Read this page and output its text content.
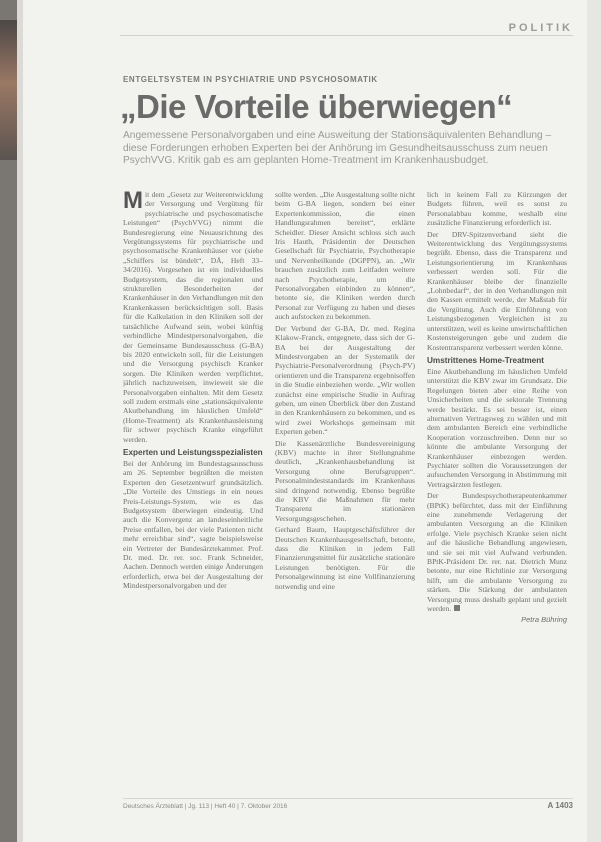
POLITIK
ENTGELTSYSTEM IN PSYCHIATRIE UND PSYCHOSOMATIK
„Die Vorteile überwiegen“

Angemessene Personalvorgaben und eine Ausweitung der Stationsäquivalenten Behandlung – diese Forderungen erhoben Experten bei der Anhörung im Gesundheitsausschuss zum neuen PsychVVG. Kritik gab es am geplanten Home-Treatment im Krankenhausbudget.

Mit dem „Gesetz zur Weiterentwicklung der Versorgung und Vergütung für psychiatrische und psychosomatische Leistungen“ (PsychVVG) nimmt die Bundesregierung eine Neuausrichtung des Vergütungssystems für psychiatrische und psychosomatische Krankenhäuser vor (siehe „Schiffers ist bündelt“, DÄ, Heft 33–34/2016). Vorgesehen ist ein individuelles Budgetsystem, das die regionalen und strukturellen Besonderheiten der Krankenhäuser in den Verhandlungen mit den Krankenkassen berücksichtigen soll. Basis für die Kalkulation in den Kliniken soll der tatsächliche Aufwand sein, wobei künftig verbindliche Mindestpersonalvorgaben, die der Gemeinsame Bundesausschuss (G-BA) bis 2020 entwickeln soll, für die Leistungen und die Versorgung psychisch Kranker sorgen. Die Kliniken werden verpflichtet, jährlich nachzuweisen, inwieweit sie die Personalvorgaben einhalten. Mit dem Gesetz soll zudem erstmals eine „stationsäquivalente Akutbehandlung im häuslichen Umfeld“ (Home-Treatment) als Krankenhausleistung für schwer psychisch Kranke eingeführt werden.

Experten und Leistungsspezialisten

Bei der Anhörung im Bundestagsausschuss am 26. September begrüßten die meisten Experten den Gesetzentwurf grundsätzlich. „Die Vorteile des Umstiegs in ein neues Preis-Leistungs-System, wie es das Budgetsystem überwiegen eindeutig. Und auch die Konvergenz an landeseinheitliche Preise entfallen, bei der viele Patienten nicht mehr erreichbar sind“, sagte beispielsweise ein Vertreter der Bundesärztekammer. Prof. Dr. med. Dr. rer. soc. Frank Schneider, Aachen. Dennoch werden einige Änderungen erforderlich, etwa bei der Ausgestaltung der Mindestpersonalvorgaben und der

sollte werden. „Die Ausgestaltung sollte nicht beim G-BA liegen, sondern bei einer Expertenkommission, die einen Handlungsrahmen bereitet“, erklärte Scheidler. Dieser Ansicht schloss sich auch Iris Hauth, Präsidentin der Deutschen Gesellschaft für Psychiatrie, Psychotherapie und Nervenheilkunde (DGPPN), an. „Wir brauchen zusätzlich zum Leitfaden weitere nach Psychotherapie, um die Personalvorgaben einbinden zu können“, betonte sie, die Kliniken werden durch Personal zur Verfügung zu haben und dieses auch aufstocken zu bekommen.

Der Verbund der G-BA, Dr. med. Regina Klakow-Franck, entgegnete, dass sich der G-BA bei der Ausgestaltung der Mindestvorgaben an der Systematik der Psychiatrie-Personalverordnung (Psych-PV) orientieren und die Transparenz ergebnisoffen in die Studie einbeziehen werde. „Wir wollen zunächst eine empirische Studie in Auftrag geben, um einen Überblick über den Zustand in den Krankenhäusern zu bekommen, und es wird zwei Workshops gemeinsam mit Experten geben.“

Die Kassenärztliche Bundesvereinigung (KBV) machte in ihrer Stellungnahme deutlich, „Krankenhausbehandlung ist Versorgung ohne Berufsgruppen“. Personalmindeststandards im Krankenhaus sind dringend notwendig. Ebenso begrüßte die KBV die Maßnahmen für mehr Transparenz im stationären Versorgungsgeschehen.

Gerhard Baum, Hauptgeschäftsführer der Deutschen Krankenhausgesellschaft, betonte, dass die Kliniken in jedem Fall Finanzierungsmittel für zusätzliche stationäre Leistungen benötigten. Für die Personalgewinnung ist eine Vollfinanzierung notwendig und eine

lich in keinem Fall zu Kürzungen der Budgets führen, weil es sonst zu Personalabbau komme, weshalb eine zusätzliche Finanzierung erforderlich ist.

Der DRV-Spitzenverband sieht die Weiterentwicklung des Vergütungssystems begrüßt. Ebenso, dass die Transparenz und Leistungsorientierung im Krankenhaus verbessert werden soll. Für die Krankenhäuser bleibe der finanzielle „Lohnbedarf“, der in den Verhandlungen mit den Kassen ermittelt werde, der Maßstab für die Vergütung. Auch die Einführung von Leistungsbezogenen Vergleichen ist zu unterstützen, weil es keine unwirtschaftlichen Kostensteigerungen gebe und zudem die Kostentransparenz verbessert werden könne.

Umstrittenes Home-Treatment

Eine Akutbehandlung im häuslichen Umfeld unterstützt die KBV zwar im Grundsatz. Die Regelungen bieten aber eine Reihe von Unsicherheiten und die sektorale Trennung werde bestärkt. Es sei besser ist, einen alternativen Vertragsweg zu wählen und mit dem ambulanten Bereich eine verbindliche Kooperation vorzuschreiben. Denn nur so könnte die ambulante Versorgung der Krankenhäuser einbezogen werden. Psychiater sollten die Voraussetzungen der aufsuchenden Versorgung in Abstimmung mit Vertragsärzten festlegen.

Der Bundespsychotherapeutenkammer (BPtK) befürchtet, dass mit der Einführung eine zunehmende Verlagerung der ambulanten Versorgung an die Kliniken erfolge. Viele psychisch Kranke seien nicht auf die häusliche Behandlung angewiesen, und sie sei mit viel Aufwand verbunden. BPtK-Präsident Dr. rer. nat. Dietrich Munz betonte, nur eine Richtlinie zur Versorgung hilft, um die ambulante Versorgung zu stärken. Die Stärkung der ambulanten Versorgung muss deshalb geplant und gezielt werden.

Petra Bühring
Deutsches Ärzteblatt | Jg. 113 | Heft 40 | 7. Oktober 2016	A 1403
